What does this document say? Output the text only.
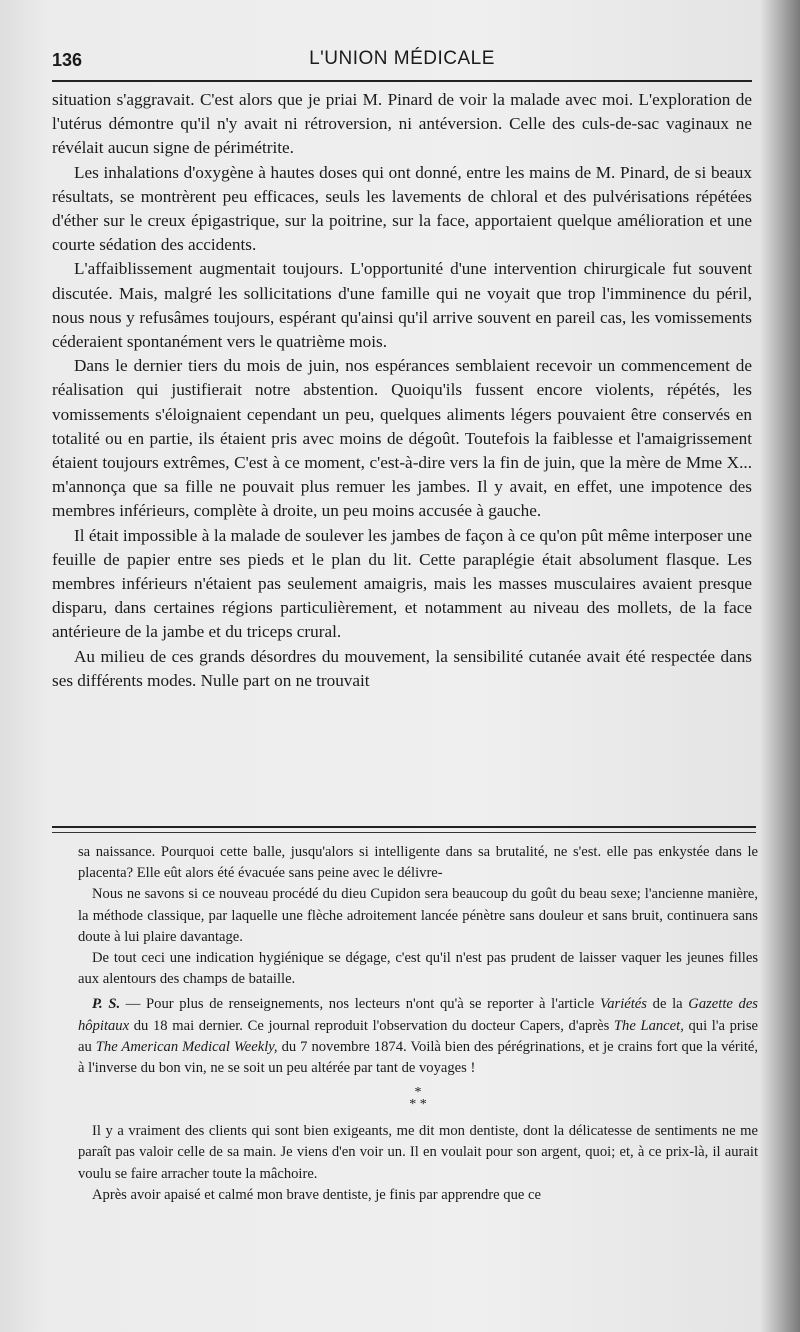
136	L'UNION MÉDICALE

situation s'aggravait. C'est alors que je priai M. Pinard de voir la malade avec moi. L'exploration de l'utérus démontre qu'il n'y avait ni rétroversion, ni antéversion. Celle des culs-de-sac vaginaux ne révélait aucun signe de périmétrite.

Les inhalations d'oxygène à hautes doses qui ont donné, entre les mains de M. Pinard, de si beaux résultats, se montrèrent peu efficaces, seuls les lavements de chloral et des pulvérisations répétées d'éther sur le creux épigastrique, sur la poitrine, sur la face, apportaient quelque amélioration et une courte sédation des accidents.

L'affaiblissement augmentait toujours. L'opportunité d'une intervention chirurgicale fut souvent discutée. Mais, malgré les sollicitations d'une famille qui ne voyait que trop l'imminence du péril, nous nous y refusâmes toujours, espérant qu'ainsi qu'il arrive souvent en pareil cas, les vomissements céderaient spontanément vers le quatrième mois.

Dans le dernier tiers du mois de juin, nos espérances semblaient recevoir un commencement de réalisation qui justifierait notre abstention. Quoiqu'ils fussent encore violents, répétés, les vomissements s'éloignaient cependant un peu, quelques aliments légers pouvaient être conservés en totalité ou en partie, ils étaient pris avec moins de dégoût. Toutefois la faiblesse et l'amaigrissement étaient toujours extrêmes, C'est à ce moment, c'est-à-dire vers la fin de juin, que la mère de Mme X... m'annonça que sa fille ne pouvait plus remuer les jambes. Il y avait, en effet, une impotence des membres inférieurs, complète à droite, un peu moins accusée à gauche.

Il était impossible à la malade de soulever les jambes de façon à ce qu'on pût même interposer une feuille de papier entre ses pieds et le plan du lit. Cette paraplégie était absolument flasque. Les membres inférieurs n'étaient pas seulement amaigris, mais les masses musculaires avaient presque disparu, dans certaines régions particulièrement, et notamment au niveau des mollets, de la face antérieure de la jambe et du triceps crural.

Au milieu de ces grands désordres du mouvement, la sensibilité cutanée avait été respectée dans ses différents modes. Nulle part on ne trouvait

sa naissance. Pourquoi cette balle, jusqu'alors si intelligente dans sa brutalité, ne s'est. elle pas enkystée dans le placenta? Elle eût alors été évacuée sans peine avec le délivre-

Nous ne savons si ce nouveau procédé du dieu Cupidon sera beaucoup du goût du beau sexe; l'ancienne manière, la méthode classique, par laquelle une flèche adroitement lancée pénètre sans douleur et sans bruit, continuera sans doute à lui plaire davantage.

De tout ceci une indication hygiénique se dégage, c'est qu'il n'est pas prudent de laisser vaquer les jeunes filles aux alentours des champs de bataille.

P. S. — Pour plus de renseignements, nos lecteurs n'ont qu'à se reporter à l'article Variétés de la Gazette des hôpitaux du 18 mai dernier. Ce journal reproduit l'observation du docteur Capers, d'après The Lancet, qui l'a prise au The American Medical Weekly, du 7 novembre 1874. Voilà bien des pérégrinations, et je crains fort que la vérité, à l'inverse du bon vin, ne se soit un peu altérée par tant de voyages !

*
* *

Il y a vraiment des clients qui sont bien exigeants, me dit mon dentiste, dont la délicatesse de sentiments ne me paraît pas valoir celle de sa main. Je viens d'en voir un. Il en voulait pour son argent, quoi; et, à ce prix-là, il aurait voulu se faire arracher toute la mâchoire.

Après avoir apaisé et calmé mon brave dentiste, je finis par apprendre que ce
